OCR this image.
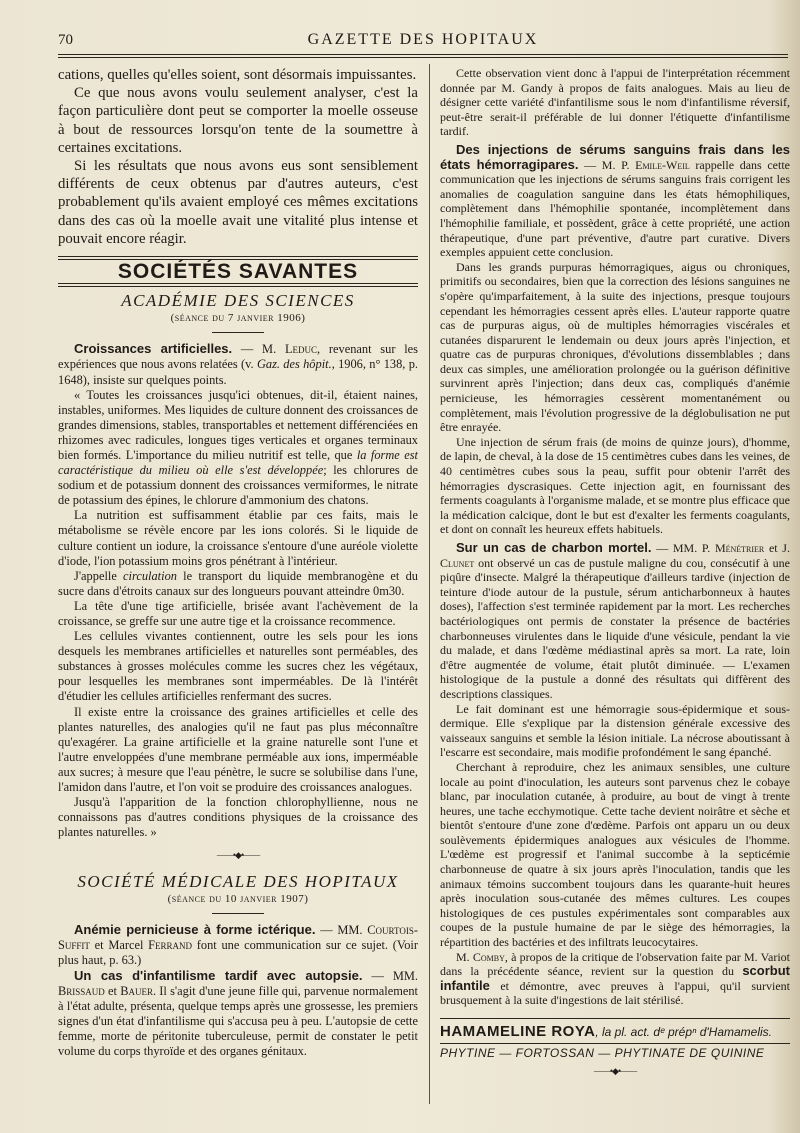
70	GAZETTE DES HOPITAUX

cations, quelles qu'elles soient, sont désormais impuissantes.

Ce que nous avons voulu seulement analyser, c'est la façon particulière dont peut se comporter la moelle osseuse à bout de ressources lorsqu'on tente de la soumettre à certaines excitations.

Si les résultats que nous avons eus sont sensiblement différents de ceux obtenus par d'autres auteurs, c'est probablement qu'ils avaient employé ces mêmes excitations dans des cas où la moelle avait une vitalité plus intense et pouvait encore réagir.

SOCIÉTÉS SAVANTES
ACADÉMIE DES SCIENCES
(séance du 7 janvier 1906)

Croissances artificielles. — M. Leduc, revenant sur les expériences que nous avons relatées (v. Gaz. des hôpit., 1906, n° 138, p. 1648), insiste sur quelques points.

« Toutes les croissances jusqu'ici obtenues, dit-il, étaient naines, instables, uniformes. Mes liquides de culture donnent des croissances de grandes dimensions, stables, transportables et nettement différenciées en rhizomes avec radicules, longues tiges verticales et organes terminaux bien formés. L'importance du milieu nutritif est telle, que la forme est caractéristique du milieu où elle s'est développée; les chlorures de sodium et de potassium donnent des croissances vermiformes, le nitrate de potassium des épines, le chlorure d'ammonium des chatons.

La nutrition est suffisamment établie par ces faits, mais le métabolisme se révèle encore par les ions colorés. Si le liquide de culture contient un iodure, la croissance s'entoure d'une auréole violette d'iode, l'ion potassium moins gros pénétrant à l'intérieur.

J'appelle circulation le transport du liquide membranogène et du sucre dans d'étroits canaux sur des longueurs pouvant atteindre 0m30.

La tête d'une tige artificielle, brisée avant l'achèvement de la croissance, se greffe sur une autre tige et la croissance recommence.

Les cellules vivantes contiennent, outre les sels pour les ions desquels les membranes artificielles et naturelles sont perméables, des substances à grosses molécules comme les sucres chez les végétaux, pour lesquelles les membranes sont imperméables. De là l'intérêt d'étudier les cellules artificielles renfermant des sucres.

Il existe entre la croissance des graines artificielles et celle des plantes naturelles, des analogies qu'il ne faut pas plus méconnaître qu'exagérer. La graine artificielle et la graine naturelle sont l'une et l'autre enveloppées d'une membrane perméable aux ions, imperméable aux sucres; à mesure que l'eau pénètre, le sucre se solubilise dans l'une, l'amidon dans l'autre, et l'on voit se produire des croissances analogues.

Jusqu'à l'apparition de la fonction chlorophyllienne, nous ne connaissons pas d'autres conditions physiques de la croissance des plantes naturelles. »

——•◆•——
SOCIÉTÉ MÉDICALE DES HOPITAUX
(séance du 10 janvier 1907)

Anémie pernicieuse à forme ictérique. — MM. Courtois-Suffit et Marcel Ferrand font une communication sur ce sujet. (Voir plus haut, p. 63.)

Un cas d'infantilisme tardif avec autopsie. — MM. Brissaud et Bauer. Il s'agit d'une jeune fille qui, parvenue normalement à l'état adulte, présenta, quelque temps après une grossesse, les premiers signes d'un état d'infantilisme qui s'accusa peu à peu. L'autopsie de cette femme, morte de péritonite tuberculeuse, permit de constater le petit volume du corps thyroïde et des organes génitaux.

Cette observation vient donc à l'appui de l'interprétation récemment donnée par M. Gandy à propos de faits analogues. Mais au lieu de désigner cette variété d'infantilisme sous le nom d'infantilisme réversif, peut-être serait-il préférable de lui donner l'étiquette d'infantilisme tardif.

Des injections de sérums sanguins frais dans les états hémorragipares. — M. P. Emile-Weil rappelle dans cette communication que les injections de sérums sanguins frais corrigent les anomalies de coagulation sanguine dans les états hémophiliques, complètement dans l'hémophilie spontanée, incomplètement dans l'hémophilie familiale, et possèdent, grâce à cette propriété, une action thérapeutique, d'une part préventive, d'autre part curative. Divers exemples appuient cette conclusion.

Dans les grands purpuras hémorragiques, aigus ou chroniques, primitifs ou secondaires, bien que la correction des lésions sanguines ne s'opère qu'imparfaitement, à la suite des injections, presque toujours cependant les hémorragies cessent après elles. L'auteur rapporte quatre cas de purpuras aigus, où de multiples hémorragies viscérales et cutanées disparurent le lendemain ou deux jours après l'injection, et quatre cas de purpuras chroniques, d'évolutions dissemblables ; dans deux cas simples, une amélioration prolongée ou la guérison définitive survinrent après l'injection; dans deux cas, compliqués d'anémie pernicieuse, les hémorragies cessèrent momentanément ou complètement, mais l'évolution progressive de la déglobulisation ne put être enrayée.

Une injection de sérum frais (de moins de quinze jours), d'homme, de lapin, de cheval, à la dose de 15 centimètres cubes dans les veines, de 40 centimètres cubes sous la peau, suffit pour obtenir l'arrêt des hémorragies dyscrasiques. Cette injection agit, en fournissant des ferments coagulants à l'organisme malade, et se montre plus efficace que la médication calcique, dont le but est d'exalter les ferments coagulants, et dont on connaît les heureux effets habituels.

Sur un cas de charbon mortel. — MM. P. Ménétrier et J. Clunet ont observé un cas de pustule maligne du cou, consécutif à une piqûre d'insecte. Malgré la thérapeutique d'ailleurs tardive (injection de teinture d'iode autour de la pustule, sérum anticharbonneux à hautes doses), l'affection s'est terminée rapidement par la mort. Les recherches bactériologiques ont permis de constater la présence de bactéries charbonneuses virulentes dans le liquide d'une vésicule, pendant la vie du malade, et dans l'œdème médiastinal après sa mort. La rate, loin d'être augmentée de volume, était plutôt diminuée. — L'examen histologique de la pustule a donné des résultats qui diffèrent des descriptions classiques.

Le fait dominant est une hémorragie sous-épidermique et sous-dermique. Elle s'explique par la distension générale excessive des vaisseaux sanguins et semble la lésion initiale. La nécrose aboutissant à l'escarre est secondaire, mais modifie profondément le sang épanché.

Cherchant à reproduire, chez les animaux sensibles, une culture locale au point d'inoculation, les auteurs sont parvenus chez le cobaye blanc, par inoculation cutanée, à produire, au bout de vingt à trente heures, une tache ecchymotique. Cette tache devient noirâtre et sèche et bientôt s'entoure d'une zone d'œdème. Parfois ont apparu un ou deux soulèvements épidermiques analogues aux vésicules de l'homme. L'œdème est progressif et l'animal succombe à la septicémie charbonneuse de quatre à six jours après l'inoculation, tandis que les animaux témoins succombent toujours dans les quarante-huit heures après inoculation sous-cutanée des mêmes cultures. Les coupes histologiques de ces pustules expérimentales sont comparables aux coupes de la pustule humaine de par le siège des hémorragies, la répartition des bactéries et des infiltrats leucocytaires.

M. Comby, à propos de la critique de l'observation faite par M. Variot dans la précédente séance, revient sur la question du scorbut infantile et démontre, avec preuves à l'appui, qu'il survient brusquement à la suite d'ingestions de lait stérilisé.

HAMAMELINE ROYA, la pl. act. dᵉ prépⁿ d'Hamamelis.
PHYTINE — FORTOSSAN — PHYTINATE DE QUININE
——•◆•——
